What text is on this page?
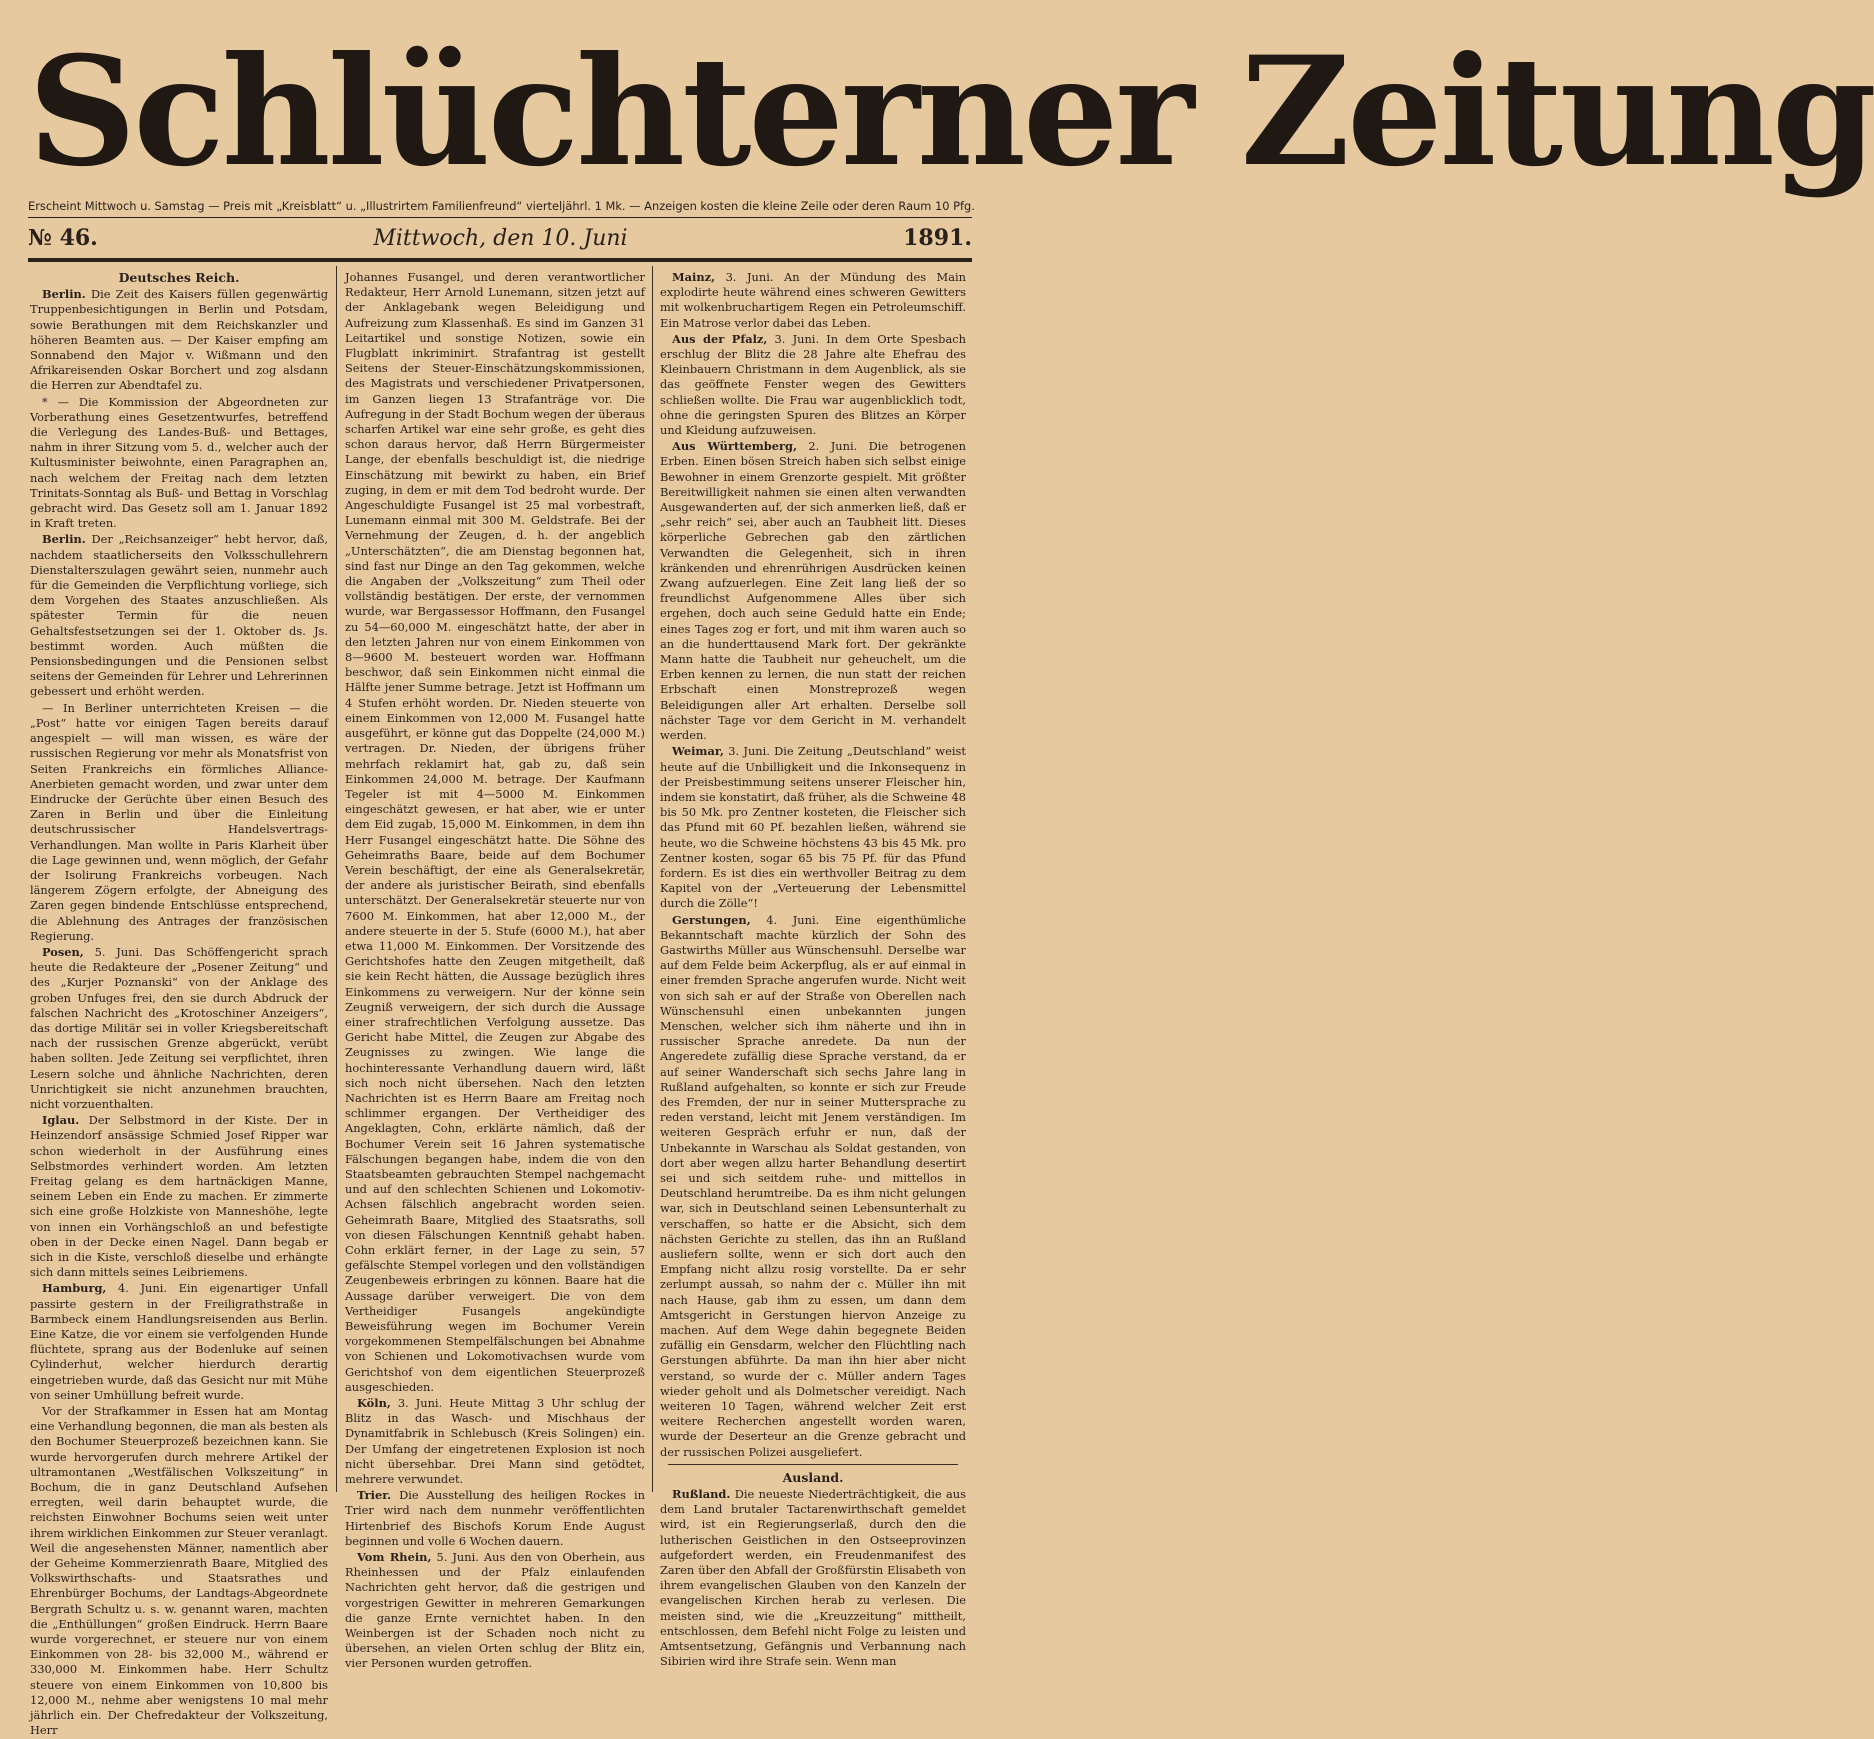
Schlüchterner Zeitung
Erscheint Mittwoch u. Samstag — Preis mit „Kreisblatt“ u. „Illustrirtem Familienfreund“ vierteljährl. 1 Mk. — Anzeigen kosten die kleine Zeile oder deren Raum 10 Pfg.
№ 46.	Mittwoch, den 10. Juni	1891.
Deutsches Reich.

Berlin. Die Zeit des Kaisers füllen gegenwärtig Truppenbesichtigungen in Berlin und Potsdam, sowie Berathungen mit dem Reichskanzler und höheren Beamten aus. — Der Kaiser empfing am Sonnabend den Major v. Wißmann und den Afrikareisenden Oskar Borchert und zog alsdann die Herren zur Abendtafel zu.

* — Die Kommission der Abgeordneten zur Vorberathung eines Gesetzentwurfes, betreffend die Verlegung des Landes-Buß- und Bettages, nahm in ihrer Sitzung vom 5. d., welcher auch der Kultusminister beiwohnte, einen Paragraphen an, nach welchem der Freitag nach dem letzten Trinitats-Sonntag als Buß- und Bettag in Vorschlag gebracht wird. Das Gesetz soll am 1. Januar 1892 in Kraft treten.

Berlin. Der „Reichsanzeiger“ hebt hervor, daß, nachdem staatlicherseits den Volksschullehrern Dienstalterszulagen gewährt seien, nunmehr auch für die Gemeinden die Verpflichtung vorliege, sich dem Vorgehen des Staates anzuschließen. Als spätester Termin für die neuen Gehaltsfestsetzungen sei der 1. Oktober ds. Js. bestimmt worden. Auch müßten die Pensionsbedingungen und die Pensionen selbst seitens der Gemeinden für Lehrer und Lehrerinnen gebessert und erhöht werden.

— In Berliner unterrichteten Kreisen — die „Post“ hatte vor einigen Tagen bereits darauf angespielt — will man wissen, es wäre der russischen Regierung vor mehr als Monatsfrist von Seiten Frankreichs ein förmliches Alliance-Anerbieten gemacht worden, und zwar unter dem Eindrucke der Gerüchte über einen Besuch des Zaren in Berlin und über die Einleitung deutschrussischer Handelsvertrags-Verhandlungen. Man wollte in Paris Klarheit über die Lage gewinnen und, wenn möglich, der Gefahr der Isolirung Frankreichs vorbeugen. Nach längerem Zögern erfolgte, der Abneigung des Zaren gegen bindende Entschlüsse entsprechend, die Ablehnung des Antrages der französischen Regierung.

Posen, 5. Juni. Das Schöffengericht sprach heute die Redakteure der „Posener Zeitung“ und des „Kurjer Poznanski“ von der Anklage des groben Unfuges frei, den sie durch Abdruck der falschen Nachricht des „Krotoschiner Anzeigers“, das dortige Militär sei in voller Kriegsbereitschaft nach der russischen Grenze abgerückt, verübt haben sollten. Jede Zeitung sei verpflichtet, ihren Lesern solche und ähnliche Nachrichten, deren Unrichtigkeit sie nicht anzunehmen brauchten, nicht vorzuenthalten.

Iglau. Der Selbstmord in der Kiste. Der in Heinzendorf ansässige Schmied Josef Ripper war schon wiederholt in der Ausführung eines Selbstmordes verhindert worden. Am letzten Freitag gelang es dem hartnäckigen Manne, seinem Leben ein Ende zu machen. Er zimmerte sich eine große Holzkiste von Manneshöhe, legte von innen ein Vorhängschloß an und befestigte oben in der Decke einen Nagel. Dann begab er sich in die Kiste, verschloß dieselbe und erhängte sich dann mittels seines Leibriemens.

Hamburg, 4. Juni. Ein eigenartiger Unfall passirte gestern in der Freiligrathstraße in Barmbeck einem Handlungsreisenden aus Berlin. Eine Katze, die vor einem sie verfolgenden Hunde flüchtete, sprang aus der Bodenluke auf seinen Cylinderhut, welcher hierdurch derartig eingetrieben wurde, daß das Gesicht nur mit Mühe von seiner Umhüllung befreit wurde.

Vor der Strafkammer in Essen hat am Montag eine Verhandlung begonnen, die man als besten als den Bochumer Steuerprozeß bezeichnen kann. Sie wurde hervorgerufen durch mehrere Artikel der ultramontanen „Westfälischen Volkszeitung“ in Bochum, die in ganz Deutschland Aufsehen erregten, weil darin behauptet wurde, die reichsten Einwohner Bochums seien weit unter ihrem wirklichen Einkommen zur Steuer veranlagt. Weil die angesehensten Männer, namentlich aber der Geheime Kommerzienrath Baare, Mitglied des Volkswirthschafts- und Staatsrathes und Ehrenbürger Bochums, der Landtags-Abgeordnete Bergrath Schultz u. s. w. genannt waren, machten die „Enthüllungen“ großen Eindruck. Herrn Baare wurde vorgerechnet, er steuere nur von einem Einkommen von 28- bis 32,000 M., während er 330,000 M. Einkommen habe. Herr Schultz steuere von einem Einkommen von 10,800 bis 12,000 M., nehme aber wenigstens 10 mal mehr jährlich ein. Der Chefredakteur der Volkszeitung, Herr

Johannes Fusangel, und deren verantwortlicher Redakteur, Herr Arnold Lunemann, sitzen jetzt auf der Anklagebank wegen Beleidigung und Aufreizung zum Klassenhaß. Es sind im Ganzen 31 Leitartikel und sonstige Notizen, sowie ein Flugblatt inkriminirt. Strafantrag ist gestellt Seitens der Steuer-Einschätzungskommissionen, des Magistrats und verschiedener Privatpersonen, im Ganzen liegen 13 Strafanträge vor. Die Aufregung in der Stadt Bochum wegen der überaus scharfen Artikel war eine sehr große, es geht dies schon daraus hervor, daß Herrn Bürgermeister Lange, der ebenfalls beschuldigt ist, die niedrige Einschätzung mit bewirkt zu haben, ein Brief zuging, in dem er mit dem Tod bedroht wurde. Der Angeschuldigte Fusangel ist 25 mal vorbestraft, Lunemann einmal mit 300 M. Geldstrafe. Bei der Vernehmung der Zeugen, d. h. der angeblich „Unterschätzten“, die am Dienstag begonnen hat, sind fast nur Dinge an den Tag gekommen, welche die Angaben der „Volkszeitung“ zum Theil oder vollständig bestätigen. Der erste, der vernommen wurde, war Bergassessor Hoffmann, den Fusangel zu 54—60,000 M. eingeschätzt hatte, der aber in den letzten Jahren nur von einem Einkommen von 8—9600 M. besteuert worden war. Hoffmann beschwor, daß sein Einkommen nicht einmal die Hälfte jener Summe betrage. Jetzt ist Hoffmann um 4 Stufen erhöht worden. Dr. Nieden steuerte von einem Einkommen von 12,000 M. Fusangel hatte ausgeführt, er könne gut das Doppelte (24,000 M.) vertragen. Dr. Nieden, der übrigens früher mehrfach reklamirt hat, gab zu, daß sein Einkommen 24,000 M. betrage. Der Kaufmann Tegeler ist mit 4—5000 M. Einkommen eingeschätzt gewesen, er hat aber, wie er unter dem Eid zugab, 15,000 M. Einkommen, in dem ihn Herr Fusangel eingeschätzt hatte. Die Söhne des Geheimraths Baare, beide auf dem Bochumer Verein beschäftigt, der eine als Generalsekretär, der andere als juristischer Beirath, sind ebenfalls unterschätzt. Der Generalsekretär steuerte nur von 7600 M. Einkommen, hat aber 12,000 M., der andere steuerte in der 5. Stufe (6000 M.), hat aber etwa 11,000 M. Einkommen. Der Vorsitzende des Gerichtshofes hatte den Zeugen mitgetheilt, daß sie kein Recht hätten, die Aussage bezüglich ihres Einkommens zu verweigern. Nur der könne sein Zeugniß verweigern, der sich durch die Aussage einer strafrechtlichen Verfolgung aussetze. Das Gericht habe Mittel, die Zeugen zur Abgabe des Zeugnisses zu zwingen. Wie lange die hochinteressante Verhandlung dauern wird, läßt sich noch nicht übersehen. Nach den letzten Nachrichten ist es Herrn Baare am Freitag noch schlimmer ergangen. Der Vertheidiger des Angeklagten, Cohn, erklärte nämlich, daß der Bochumer Verein seit 16 Jahren systematische Fälschungen begangen habe, indem die von den Staatsbeamten gebrauchten Stempel nachgemacht und auf den schlechten Schienen und Lokomotiv-Achsen fälschlich angebracht worden seien. Geheimrath Baare, Mitglied des Staatsraths, soll von diesen Fälschungen Kenntniß gehabt haben. Cohn erklärt ferner, in der Lage zu sein, 57 gefälschte Stempel vorlegen und den vollständigen Zeugenbeweis erbringen zu können. Baare hat die Aussage darüber verweigert. Die von dem Vertheidiger Fusangels angekündigte Beweisführung wegen im Bochumer Verein vorgekommenen Stempelfälschungen bei Abnahme von Schienen und Lokomotivachsen wurde vom Gerichtshof von dem eigentlichen Steuerprozeß ausgeschieden.

Köln, 3. Juni. Heute Mittag 3 Uhr schlug der Blitz in das Wasch- und Mischhaus der Dynamitfabrik in Schlebusch (Kreis Solingen) ein. Der Umfang der eingetretenen Explosion ist noch nicht übersehbar. Drei Mann sind getödtet, mehrere verwundet.

Trier. Die Ausstellung des heiligen Rockes in Trier wird nach dem nunmehr veröffentlichten Hirtenbrief des Bischofs Korum Ende August beginnen und volle 6 Wochen dauern.

Vom Rhein, 5. Juni. Aus den von Oberhein, aus Rheinhessen und der Pfalz einlaufenden Nachrichten geht hervor, daß die gestrigen und vorgestrigen Gewitter in mehreren Gemarkungen die ganze Ernte vernichtet haben. In den Weinbergen ist der Schaden noch nicht zu übersehen, an vielen Orten schlug der Blitz ein, vier Personen wurden getroffen.

Mainz, 3. Juni. An der Mündung des Main explodirte heute während eines schweren Gewitters mit wolkenbruchartigem Regen ein Petroleumschiff. Ein Matrose verlor dabei das Leben.

Aus der Pfalz, 3. Juni. In dem Orte Spesbach erschlug der Blitz die 28 Jahre alte Ehefrau des Kleinbauern Christmann in dem Augenblick, als sie das geöffnete Fenster wegen des Gewitters schließen wollte. Die Frau war augenblicklich todt, ohne die geringsten Spuren des Blitzes an Körper und Kleidung aufzuweisen.

Aus Württemberg, 2. Juni. Die betrogenen Erben. Einen bösen Streich haben sich selbst einige Bewohner in einem Grenzorte gespielt. Mit größter Bereitwilligkeit nahmen sie einen alten verwandten Ausgewanderten auf, der sich anmerken ließ, daß er „sehr reich“ sei, aber auch an Taubheit litt. Dieses körperliche Gebrechen gab den zärtlichen Verwandten die Gelegenheit, sich in ihren kränkenden und ehrenrührigen Ausdrücken keinen Zwang aufzuerlegen. Eine Zeit lang ließ der so freundlichst Aufgenommene Alles über sich ergehen, doch auch seine Geduld hatte ein Ende; eines Tages zog er fort, und mit ihm waren auch so an die hunderttausend Mark fort. Der gekränkte Mann hatte die Taubheit nur geheuchelt, um die Erben kennen zu lernen, die nun statt der reichen Erbschaft einen Monstreprozeß wegen Beleidigungen aller Art erhalten. Derselbe soll nächster Tage vor dem Gericht in M. verhandelt werden.

Weimar, 3. Juni. Die Zeitung „Deutschland“ weist heute auf die Unbilligkeit und die Inkonsequenz in der Preisbestimmung seitens unserer Fleischer hin, indem sie konstatirt, daß früher, als die Schweine 48 bis 50 Mk. pro Zentner kosteten, die Fleischer sich das Pfund mit 60 Pf. bezahlen ließen, während sie heute, wo die Schweine höchstens 43 bis 45 Mk. pro Zentner kosten, sogar 65 bis 75 Pf. für das Pfund fordern. Es ist dies ein werthvoller Beitrag zu dem Kapitel von der „Verteuerung der Lebensmittel durch die Zölle“!

Gerstungen, 4. Juni. Eine eigenthümliche Bekanntschaft machte kürzlich der Sohn des Gastwirths Müller aus Wünschensuhl. Derselbe war auf dem Felde beim Ackerpflug, als er auf einmal in einer fremden Sprache angerufen wurde. Nicht weit von sich sah er auf der Straße von Oberellen nach Wünschensuhl einen unbekannten jungen Menschen, welcher sich ihm näherte und ihn in russischer Sprache anredete. Da nun der Angeredete zufällig diese Sprache verstand, da er auf seiner Wanderschaft sich sechs Jahre lang in Rußland aufgehalten, so konnte er sich zur Freude des Fremden, der nur in seiner Muttersprache zu reden verstand, leicht mit Jenem verständigen. Im weiteren Gespräch erfuhr er nun, daß der Unbekannte in Warschau als Soldat gestanden, von dort aber wegen allzu harter Behandlung desertirt sei und sich seitdem ruhe- und mittellos in Deutschland herumtreibe. Da es ihm nicht gelungen war, sich in Deutschland seinen Lebensunterhalt zu verschaffen, so hatte er die Absicht, sich dem nächsten Gerichte zu stellen, das ihn an Rußland ausliefern sollte, wenn er sich dort auch den Empfang nicht allzu rosig vorstellte. Da er sehr zerlumpt aussah, so nahm der c. Müller ihn mit nach Hause, gab ihm zu essen, um dann dem Amtsgericht in Gerstungen hiervon Anzeige zu machen. Auf dem Wege dahin begegnete Beiden zufällig ein Gensdarm, welcher den Flüchtling nach Gerstungen abführte. Da man ihn hier aber nicht verstand, so wurde der c. Müller andern Tages wieder geholt und als Dolmetscher vereidigt. Nach weiteren 10 Tagen, während welcher Zeit erst weitere Recherchen angestellt worden waren, wurde der Deserteur an die Grenze gebracht und der russischen Polizei ausgeliefert.

Ausland.

Rußland. Die neueste Niederträchtigkeit, die aus dem Land brutaler Tactarenwirthschaft gemeldet wird, ist ein Regierungserlaß, durch den die lutherischen Geistlichen in den Ostseeprovinzen aufgefordert werden, ein Freudenmanifest des Zaren über den Abfall der Großfürstin Elisabeth von ihrem evangelischen Glauben von den Kanzeln der evangelischen Kirchen herab zu verlesen. Die meisten sind, wie die „Kreuzzeitung“ mittheilt, entschlossen, dem Befehl nicht Folge zu leisten und Amtsentsetzung, Gefängnis und Verbannung nach Sibirien wird ihre Strafe sein. Wenn man
